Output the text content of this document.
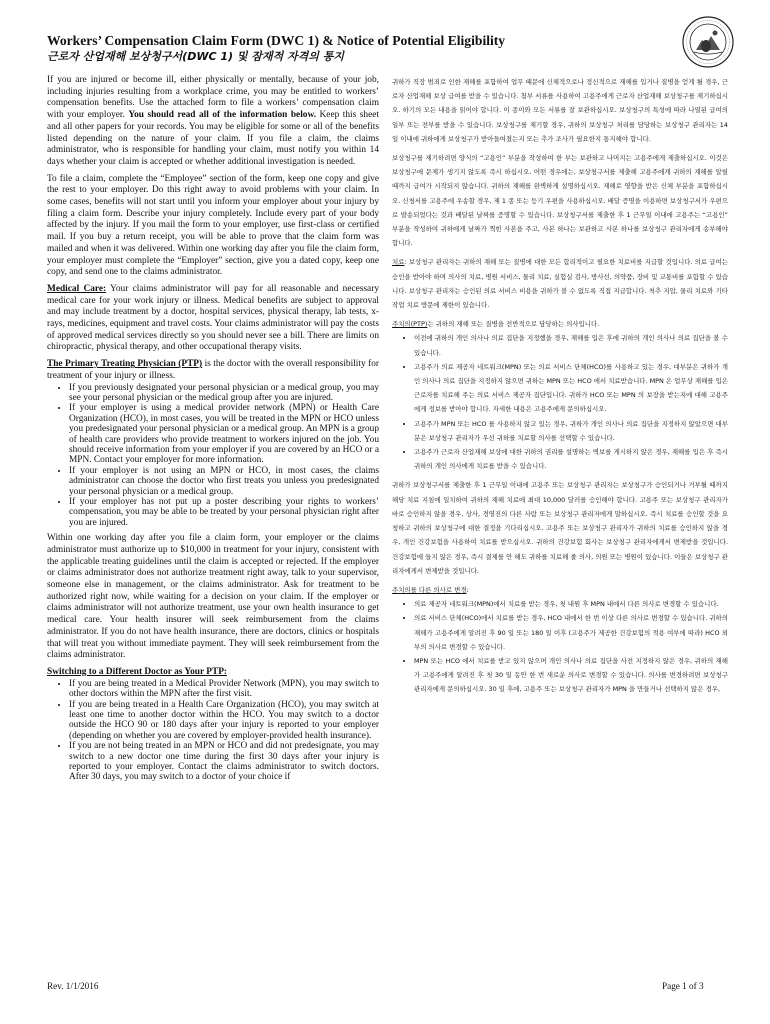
Workers’ Compensation Claim Form (DWC 1) & Notice of Potential Eligibility
근로자 산업재해 보상청구서(DWC 1) 및 잠재적 자격의 통지

If you are injured or become ill, either physically or mentally, because of your job, including injuries resulting from a workplace crime, you may be entitled to workers’ compensation benefits. Use the attached form to file a workers’ compensation claim with your employer. You should read all of the information below. Keep this sheet and all other papers for your records. You may be eligible for some or all of the benefits listed depending on the nature of your claim. If you file a claim, the claims administrator, who is responsible for handling your claim, must notify you within 14 days whether your claim is accepted or whether additional investigation is needed.

To file a claim, complete the “Employee” section of the form, keep one copy and give the rest to your employer. Do this right away to avoid problems with your claim. In some cases, benefits will not start until you inform your employer about your injury by filing a claim form. Describe your injury completely. Include every part of your body affected by the injury. If you mail the form to your employer, use first-class or certified mail. If you buy a return receipt, you will be able to prove that the claim form was mailed and when it was delivered. Within one working day after you file the claim form, your employer must complete the “Employer” section, give you a dated copy, keep one copy, and send one to the claims administrator.

Medical Care: Your claims administrator will pay for all reasonable and necessary medical care for your work injury or illness. Medical benefits are subject to approval and may include treatment by a doctor, hospital services, physical therapy, lab tests, x-rays, medicines, equipment and travel costs. Your claims administrator will pay the costs of approved medical services directly so you should never see a bill. There are limits on chiropractic, physical therapy, and other occupational therapy visits.

The Primary Treating Physician (PTP) is the doctor with the overall responsibility for treatment of your injury or illness.

• If you previously designated your personal physician or a medical group, you may see your personal physician or the medical group after you are injured.
• If your employer is using a medical provider network (MPN) or Health Care Organization (HCO), in most cases, you will be treated in the MPN or HCO unless you predesignated your personal physician or a medical group. An MPN is a group of health care providers who provide treatment to workers injured on the job. You should receive information from your employer if you are covered by an HCO or a MPN. Contact your employer for more information.
• If your employer is not using an MPN or HCO, in most cases, the claims administrator can choose the doctor who first treats you unless you predesignated your personal physician or a medical group.
• If your employer has not put up a poster describing your rights to workers’ compensation, you may be able to be treated by your personal physician right after you are injured.

Within one working day after you file a claim form, your employer or the claims administrator must authorize up to $10,000 in treatment for your injury, consistent with the applicable treating guidelines until the claim is accepted or rejected. If the employer or claims administrator does not authorize treatment right away, talk to your supervisor, someone else in management, or the claims administrator. Ask for treatment to be authorized right now, while waiting for a decision on your claim. If the employer or claims administrator will not authorize treatment, use your own health insurance to get medical care. Your health insurer will seek reimbursement from the claims administrator. If you do not have health insurance, there are doctors, clinics or hospitals that will treat you without immediate payment. They will seek reimbursement from the claims administrator.

Switching to a Different Doctor as Your PTP:
• If you are being treated in a Medical Provider Network (MPN), you may switch to other doctors within the MPN after the first visit.
• If you are being treated in a Health Care Organization (HCO), you may switch at least one time to another doctor within the HCO. You may switch to a doctor outside the HCO 90 or 180 days after your injury is reported to your employer (depending on whether you are covered by employer-provided health insurance).
• If you are not being treated in an MPN or HCO and did not predesignate, you may switch to a new doctor one time during the first 30 days after your injury is reported to your employer. Contact the claims administrator to switch doctors. After 30 days, you may switch to a doctor of your choice if

귀하가 직장 범죄로 인한 재해를 포함하여 업무 때문에 신체적으로나 정신적으로 재해를 입거나 질병을 얻게 될 경우, 근로자 산업재해 보상 급여를 받을 수 있습니다. 첨부 서류를 사용하여 고용주에게 근로자 산업재해 보상청구를 제기하십시오. 하기의 모든 내용을 읽어야 합니다. 이 종이와 모든 서류를 잘 보관하십시오. 보상청구의 특성에 따라 나열된 급여의 일부 또는 전부를 받을 수 있습니다. 보상청구를 제기할 경우, 귀하의 보상청구 처리를 담당하는 보상청구 관리자는 14 일 이내에 귀하에게 보상청구가 받아들여졌는지 또는 추가 조사가 필요한지 통지해야 합니다.

보상청구를 제기하려면 양식의 “고용인” 부분을 작성하여 한 부는 보관하고 나머지는 고용주에게 제출하십시오. 이것은 보상청구에 문제가 생기지 않도록 즉시 하십시오. 어떤 경우에는, 보상청구서를 제출해 고용주에게 귀하의 재해를 알릴 때까지 급여가 시작되지 않습니다. 귀하의 재해를 완벽하게 설명하십시오. 재해로 영향을 받은 신체 부분을 포함하십시오. 신청서를 고용주에 우송할 경우, 제 1 종 또는 등기 우편을 사용하십시오. 배달 증명을 이용하면 보상청구서가 우편으로 발송되었다는 것과 배달된 날짜를 증명할 수 있습니다. 보상청구서를 제출한 후 1 근무일 이내에 고용주는 “고용인” 부분을 작성하여 귀하에게 날짜가 찍힌 사본을 주고, 사본 하나는 보관하고 사본 하나를 보상청구 관리자에게 송부해야 합니다.

치료: 보상청구 관리자는 귀하의 재해 또는 질병에 대한 모든 합리적이고 필요한 치료비를 지급할 것입니다. 의료 급여는 승인을 받아야 하며 의사의 치료, 병원 서비스, 물리 치료, 실험실 검사, 방사선, 의약품, 장비 및 교통비를 포함할 수 있습니다. 보상청구 관리자는 승인된 의료 서비스 비용을 귀하가 볼 수 없도록 직접 지급합니다. 척추 지압, 물리 치료와 기타 작업 치료 방문에 제한이 있습니다.

주치의(PTP)는 귀하의 재해 또는 질병을 전반적으로 담당하는 의사입니다.

• 이전에 귀하의 개인 의사나 의료 집단을 지정했을 경우, 재해를 입은 후에 귀하의 개인 의사나 의료 집단을 볼 수 있습니다.
• 고용주가 의료 제공자 네트워크(MPN) 또는 의료 서비스 단체(HCO)를 사용하고 있는 경우, 대부분은 귀하가 개인 의사나 의료 집단을 지정하지 않으면 귀하는 MPN 또는 HCO 에서 치료받습니다. MPN 은 업무상 재해를 입은 근로자를 치료해 주는 의료 서비스 제공자 집단입니다. 귀하가 HCO 또는 MPN 의 보장을 받는지에 대해 고용주에게 정보를 받아야 합니다. 자세한 내용은 고용주에게 문의하십시오.
• 고용주가 MPN 또는 HCO 를 사용하지 않고 있는 경우, 귀하가 개인 의사나 의료 집단을 지정하지 않았으면 대부분은 보상청구 관리자가 우선 귀하를 치료할 의사를 선택할 수 있습니다.
• 고용주가 근로자 산업재해 보상에 대한 귀하의 권리를 설명하는 벽보를 게시하지 않은 경우, 재해를 입은 후 즉시 귀하의 개인 의사에게 치료를 받을 수 있습니다.

귀하가 보상청구서를 제출한 후 1 근무일 이내에 고용주 또는 보상청구 관리자는 보상청구가 승인되거나 거부될 때까지 해당 치료 지침에 일치하여 귀하의 재해 치료에 최대 10,000 달러를 승인해야 합니다. 고용주 또는 보상청구 관리자가 바로 승인하지 않을 경우, 상사, 경영진의 다른 사람 또는 보상청구 관리자에게 말하십시오. 즉시 치료를 승인할 것을 요청하고 귀하의 보상청구에 대한 결정을 기다리십시오. 고용주 또는 보상청구 관리자가 귀하의 치료를 승인하지 않을 경우, 개인 건강보험을 사용하여 치료를 받으십시오. 귀하의 건강보험 회사는 보상청구 관리자에게서 변제받을 것입니다. 건강보험에 들지 않은 경우, 즉시 결제를 안 해도 귀하를 치료해 줄 의사, 의원 또는 병원이 있습니다. 이들은 보상청구 관리자에게서 변제받을 것입니다.

주치의를 다른 의사로 변경:
• 의료 제공자 네트워크(MPN)에서 치료를 받는 경우, 첫 내원 후 MPN 내에서 다른 의사로 변경할 수 있습니다.
• 의료 서비스 단체(HCO)에서 치료를 받는 경우, HCO 내에서 한 번 이상 다른 의사로 변경할 수 있습니다. 귀하의 재해가 고용주에게 알려진 후 90 일 또는 180 일 이후 (고용주가 제공한 건강보험의 적용 여부에 따라) HCO 외부의 의사로 변경할 수 있습니다.
• MPN 또는 HCO 에서 치료를 받고 있지 않으며 개인 의사나 의료 집단을 사전 지정하지 않은 경우, 귀하의 재해가 고용주에게 알려진 후 첫 30 일 동안 한 번 새로운 의사로 변경할 수 있습니다. 의사를 변경하려면 보상청구 관리자에게 문의하십시오. 30 일 후에, 고용주 또는 보상청구 관리자가 MPN 을 만들거나 선택하지 않은 경우,
Rev. 1/1/2016	Page 1 of 3
